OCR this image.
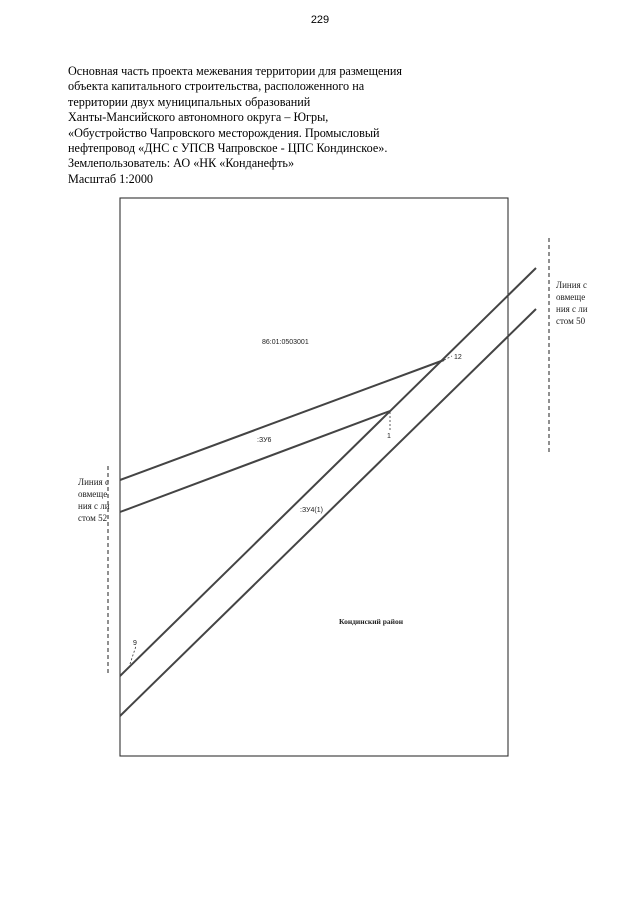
229
Основная часть проекта межевания территории для размещения
объекта капитального строительства, расположенного на
территории двух муниципальных образований
Ханты-Мансийского автономного округа – Югры,
«Обустройство Чапровского месторождения. Промысловый
нефтепровод «ДНС с УПСВ Чапровское - ЦПС Кондинское».
Землепользователь: АО «НК «Конданефть»
Масштаб 1:2000
86:01:0503001
:ЗУ6
:ЗУ4(1)
Кондинский район
1
12
9
Линия совмещения с листом 52
Линия совмещения с листом 50
